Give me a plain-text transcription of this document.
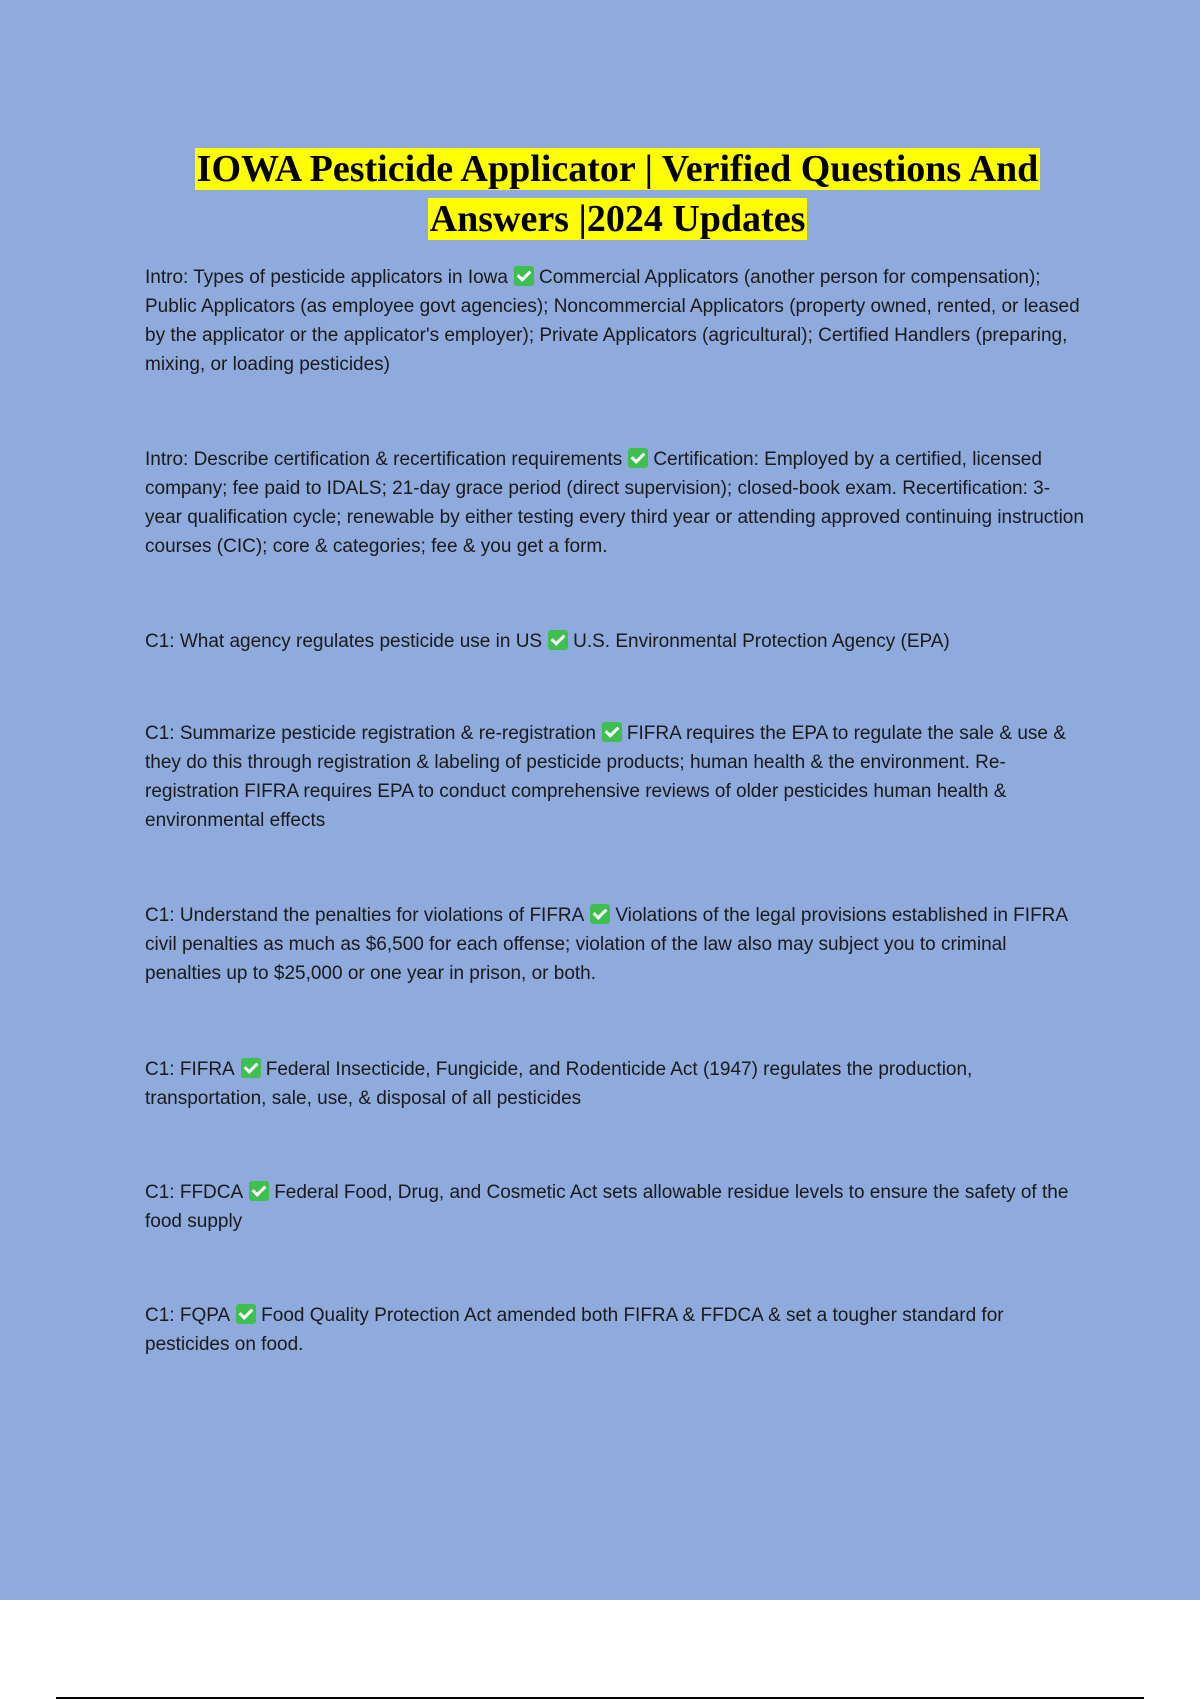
IOWA Pesticide Applicator | Verified Questions And
Answers |2024 Updates

Intro: Types of pesticide applicators in Iowa Commercial Applicators (another person for compensation); Public Applicators (as employee govt agencies); Noncommercial Applicators (property owned, rented, or leased by the applicator or the applicator's employer); Private Applicators (agricultural); Certified Handlers (preparing, mixing, or loading pesticides)

Intro: Describe certification & recertification requirements Certification: Employed by a certified, licensed company; fee paid to IDALS; 21-day grace period (direct supervision); closed-book exam. Recertification: 3-year qualification cycle; renewable by either testing every third year or attending approved continuing instruction courses (CIC); core & categories; fee & you get a form.

C1: What agency regulates pesticide use in US U.S. Environmental Protection Agency (EPA)

C1: Summarize pesticide registration & re-registration FIFRA requires the EPA to regulate the sale & use & they do this through registration & labeling of pesticide products; human health & the environment. Re-registration FIFRA requires EPA to conduct comprehensive reviews of older pesticides human health & environmental effects

C1: Understand the penalties for violations of FIFRA Violations of the legal provisions established in FIFRA civil penalties as much as $6,500 for each offense; violation of the law also may subject you to criminal penalties up to $25,000 or one year in prison, or both.

C1: FIFRA Federal Insecticide, Fungicide, and Rodenticide Act (1947) regulates the production, transportation, sale, use, & disposal of all pesticides

C1: FFDCA Federal Food, Drug, and Cosmetic Act sets allowable residue levels to ensure the safety of the food supply

C1: FQPA Food Quality Protection Act amended both FIFRA & FFDCA & set a tougher standard for pesticides on food.
